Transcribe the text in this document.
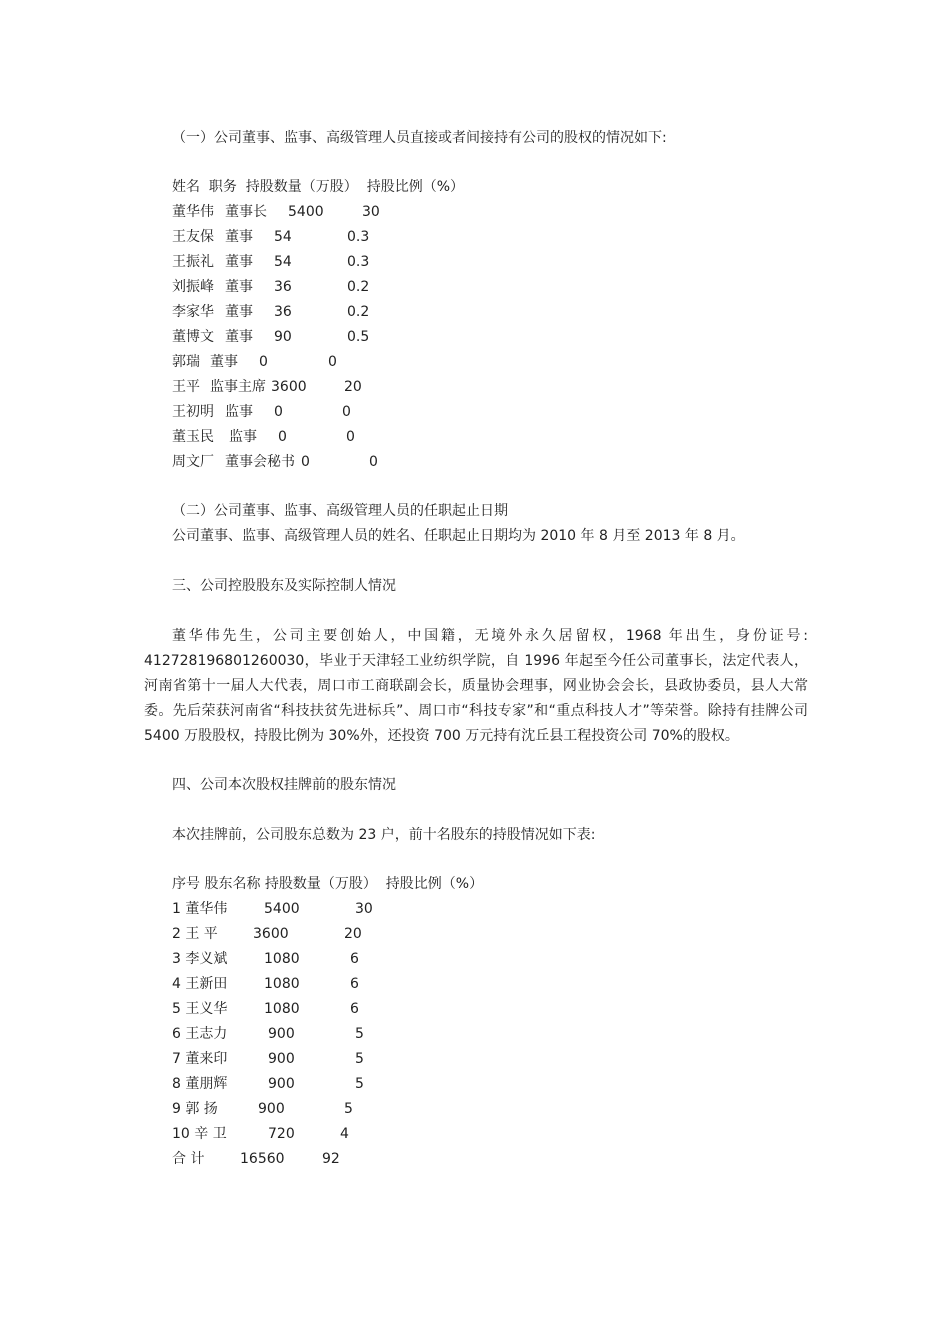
（一）公司董事、监事、高级管理人员直接或者间接持有公司的股权的情况如下:
姓名  职务  持股数量（万股）  持股比例（%）
董华伟 董事长 5400	30
王友保 董事 54	0.3
王振礼 董事 54	0.3
刘振峰 董事 36	0.2
李家华 董事 36	0.2
董博文 董事 90	0.5
郭瑞 董事 0	0
王平 监事主席 3600	20
王初明 监事 0	0
董玉民 监事 0	0
周文厂 董事会秘书 0	0
（二）公司董事、监事、高级管理人员的任职起止日期
公司董事、监事、高级管理人员的姓名、任职起止日期均为 2010 年 8 月至 2013 年 8 月。
三、公司控股股东及实际控制人情况
董华伟先生，公司主要创始人，中国籍，无境外永久居留权，1968 年出生，身份证号: 412728196801260030，毕业于天津轻工业纺织学院，自 1996 年起至今任公司董事长，法定代表人，河南省第十一届人大代表，周口市工商联副会长，质量协会理事，网业协会会长，县政协委员，县人大常委。先后荣获河南省“科技扶贫先进标兵”、周口市“科技专家”和“重点科技人才”等荣誉。除持有挂牌公司 5400 万股股权，持股比例为 30%外，还投资 700 万元持有沈丘县工程投资公司 70%的股权。
四、公司本次股权挂牌前的股东情况
本次挂牌前，公司股东总数为 23 户，前十名股东的持股情况如下表:
序号 股东名称 持股数量（万股）  持股比例（%）
1 董华伟	5400	30
2 王 平	3600	20
3 李义斌	1080	6
4 王新田	1080	6
5 王义华	1080	6
6 王志力	900	5
7 董来印	900	5
8 董朋辉	900	5
9 郭 扬	900	5
10 辛 卫	720	4
合 计	16560	92
